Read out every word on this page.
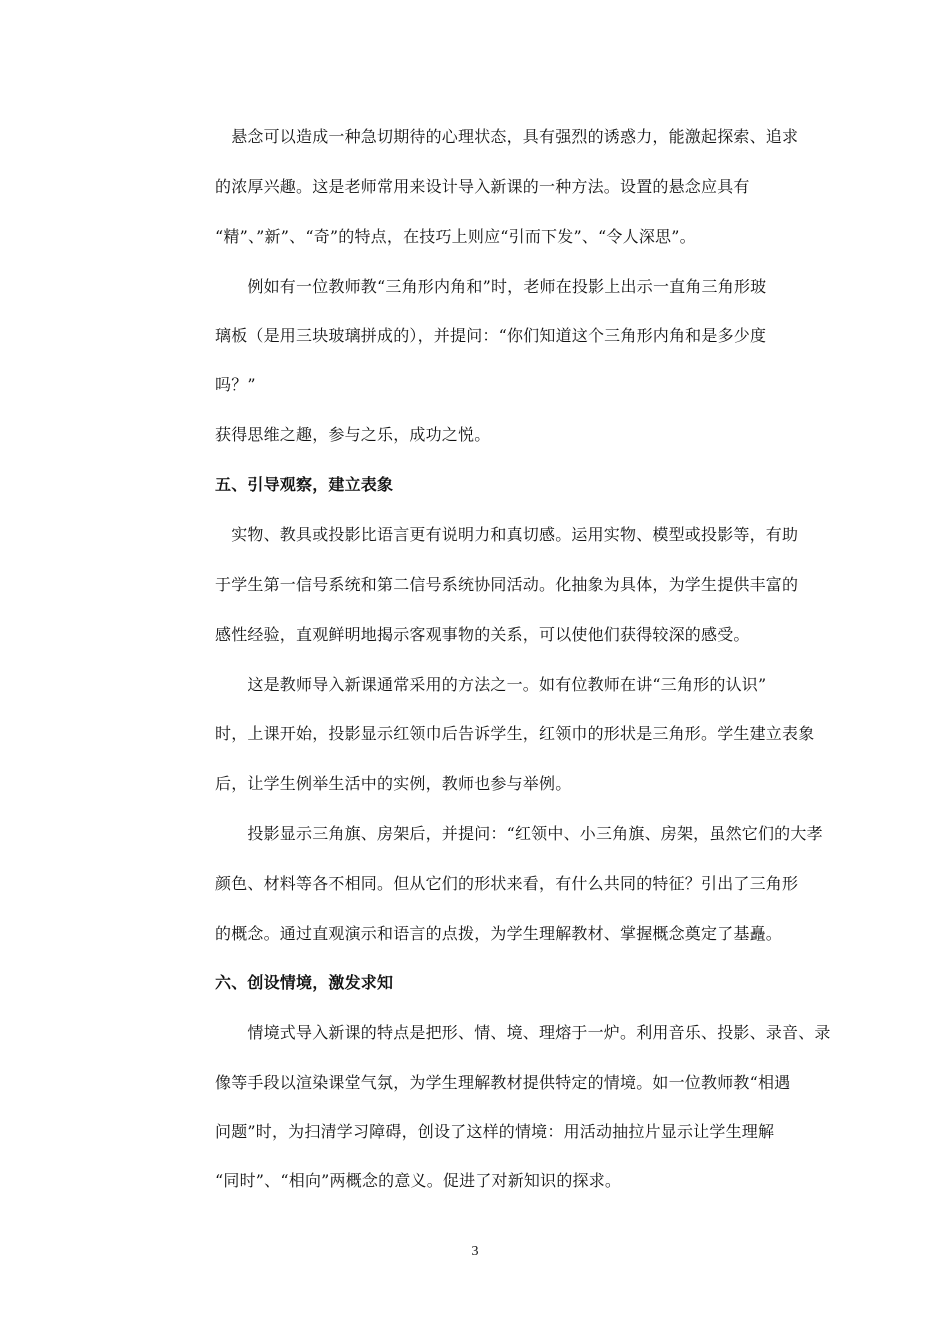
　悬念可以造成一种急切期待的心理状态，具有强烈的诱惑力，能激起探索、追求
的浓厚兴趣。这是老师常用来设计导入新课的一种方法。设置的悬念应具有
“精”、”新”、“奇”的特点，在技巧上则应“引而下发”、“令人深思”。
　　例如有一位教师教“三角形内角和”时，老师在投影上出示一直角三角形玻
璃板（是用三块玻璃拼成的），并提问：“你们知道这个三角形内角和是多少度
吗？”
获得思维之趣，参与之乐，成功之悦。
五、引导观察，建立表象
　实物、教具或投影比语言更有说明力和真切感。运用实物、模型或投影等，有助
于学生第一信号系统和第二信号系统协同活动。化抽象为具体，为学生提供丰富的
感性经验，直观鲜明地揭示客观事物的关系，可以使他们获得较深的感受。
　　这是教师导入新课通常采用的方法之一。如有位教师在讲“三角形的认识”
时，上课开始，投影显示红领巾后告诉学生，红领巾的形状是三角形。学生建立表象
后，让学生例举生活中的实例，教师也参与举例。
　　投影显示三角旗、房架后，并提问：“红领中、小三角旗、房架，虽然它们的大孝
颜色、材料等各不相同。但从它们的形状来看，有什么共同的特征？引出了三角形
的概念。通过直观演示和语言的点拨，为学生理解教材、掌握概念奠定了基矗。
六、创设情境，激发求知
　　情境式导入新课的特点是把形、情、境、理熔于一炉。利用音乐、投影、录音、录
像等手段以渲染课堂气氛，为学生理解教材提供特定的情境。如一位教师教“相遇
问题”时，为扫清学习障碍，创设了这样的情境：用活动抽拉片显示让学生理解
“同时”、“相向”两概念的意义。促进了对新知识的探求。
3
